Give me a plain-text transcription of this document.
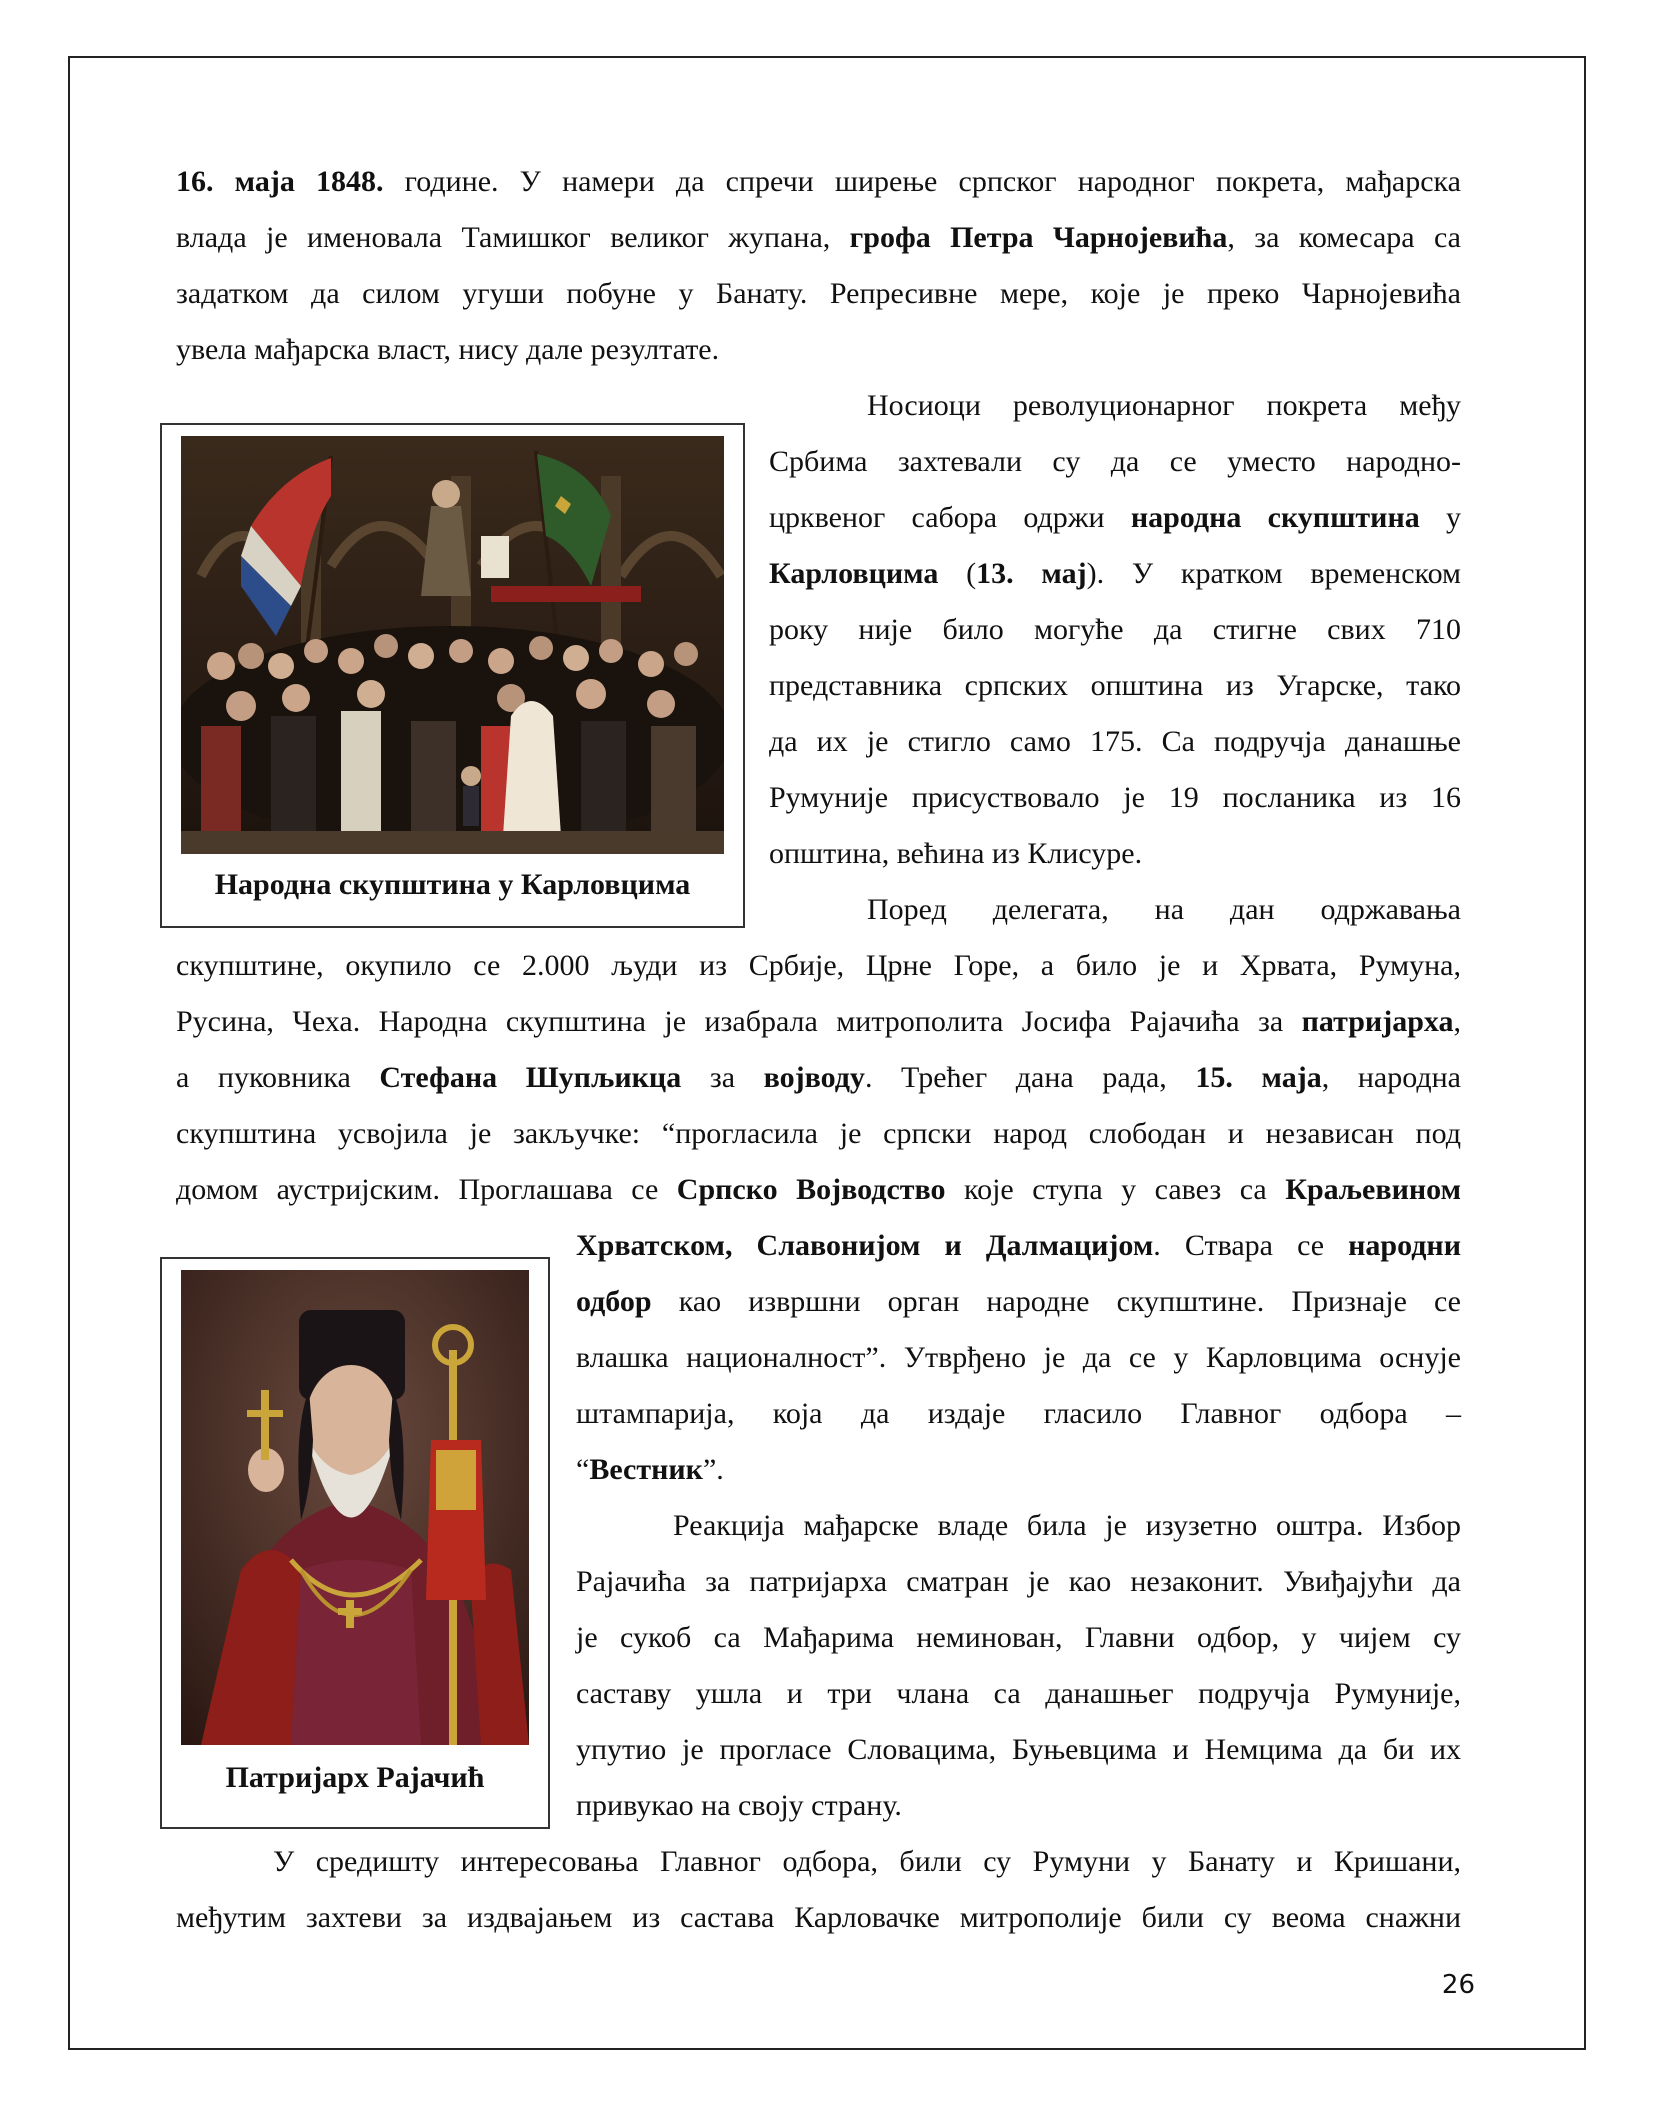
Народна скупштина у Карловцима
Патријарх Рајачић
16. маја 1848. године. У намери да спречи ширење српског народног покрета, мађарска
влада је именовала Тамишког великог жупана, грофа Петра Чарнојевића, за комесара са
задатком да силом угуши побуне у Банату. Репресивне мере, које је преко Чарнојевића
увела мађарска власт, нису дале резултате.
Носиоци револуционарног покрета међу
Србима захтевали су да се уместо народно-
црквеног сабора одржи народна скупштина у
Карловцима (13. мај). У кратком временском
року није било могуће да стигне свих 710
представника српских општина из Угарске, тако
да их је стигло само 175. Са подручја данашње
Румуније присуствовало је 19 посланика из 16
општина, већина из Клисуре.
Поред делегата, на дан одржавања
скупштине, окупило се 2.000 људи из Србије, Црне Горе, а било је и Хрвата, Румуна,
Русина, Чеха. Народна скупштина је изабрала митрополита Јосифа Рајачића за патријарха,
а пуковника Стефана Шупљикца за војводу. Трећег дана рада, 15. маја, народна
скупштина усвојила је закључке: “прогласила је српски народ слободан и независан под
домом аустријским. Проглашава се Српско Војводство које ступа у савез са Краљевином
Хрватском, Славонијом и Далмацијом. Ствара се народни
одбор као извршни орган народне скупштине. Признаје се
влашка националност”. Утврђено је да се у Карловцима оснује
штампарија, која да издаје гласило Главног одбора –
“Вестник”.
Реакција мађарске владе била је изузетно оштра. Избор
Рајачића за патријарха сматран је као незаконит. Увиђајући да
је сукоб са Мађарима неминован, Главни одбор, у чијем су
саставу ушла и три члана са данашњег подручја Румуније,
упутио је прогласе Словацима, Буњевцима и Немцима да би их
привукао на своју страну.
У средишту интересовања Главног одбора, били су Румуни у Банату и Кришани,
међутим захтеви за издвајањем из састава Карловачке митрополије били су веома снажни
26
